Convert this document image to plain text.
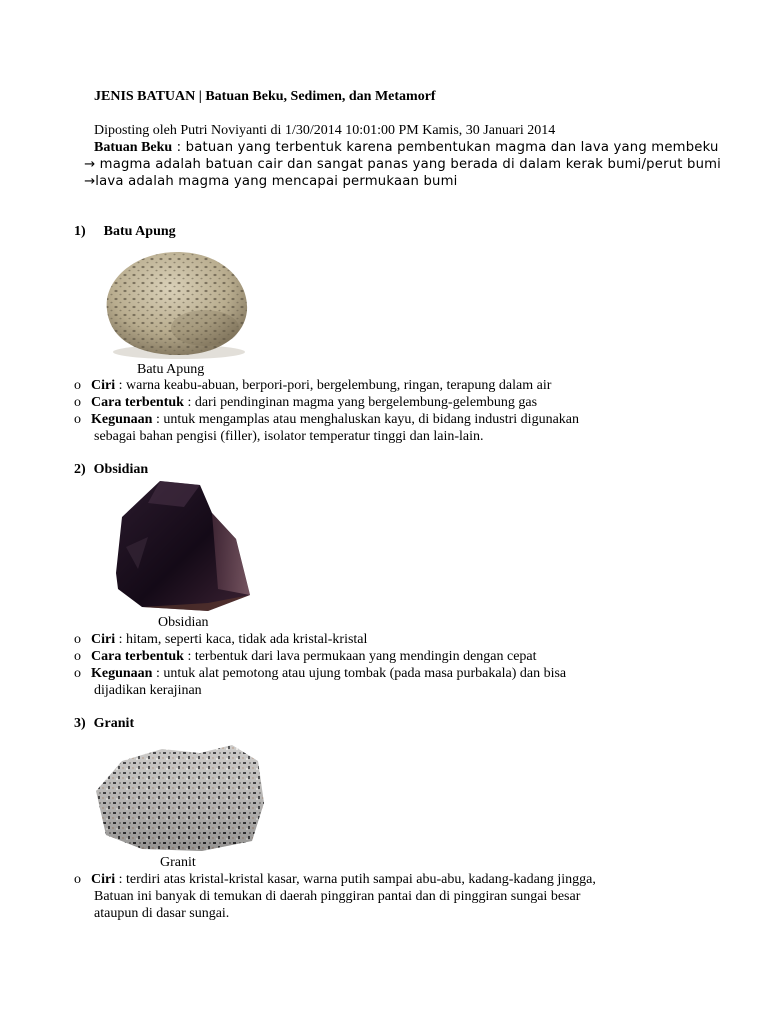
JENIS BATUAN | Batuan Beku, Sedimen, dan Metamorf
Diposting oleh Putri Noviyanti di 1/30/2014 10:01:00 PM Kamis, 30 Januari 2014
Batuan Beku : batuan yang terbentuk karena pembentukan magma dan lava yang membeku
→ magma adalah batuan cair dan sangat panas yang berada di dalam kerak bumi/perut bumi
→lava adalah magma yang mencapai permukaan bumi
1) Batu Apung
Batu Apung
o Ciri : warna keabu-abuan, berpori-pori, bergelembung, ringan, terapung dalam air
o Cara terbentuk : dari pendinginan magma yang bergelembung-gelembung gas
o Kegunaan : untuk mengamplas atau menghaluskan kayu, di bidang industri digunakan
sebagai bahan pengisi (filler), isolator temperatur tinggi dan lain-lain.
2) Obsidian
Obsidian
o Ciri : hitam, seperti kaca, tidak ada kristal-kristal
o Cara terbentuk : terbentuk dari lava permukaan yang mendingin dengan cepat
o Kegunaan : untuk alat pemotong atau ujung tombak (pada masa purbakala) dan bisa
dijadikan kerajinan
3) Granit
Granit
o Ciri : terdiri atas kristal-kristal kasar, warna putih sampai abu-abu, kadang-kadang jingga,
Batuan ini banyak di temukan di daerah pinggiran pantai dan di pinggiran sungai besar
ataupun di dasar sungai.
